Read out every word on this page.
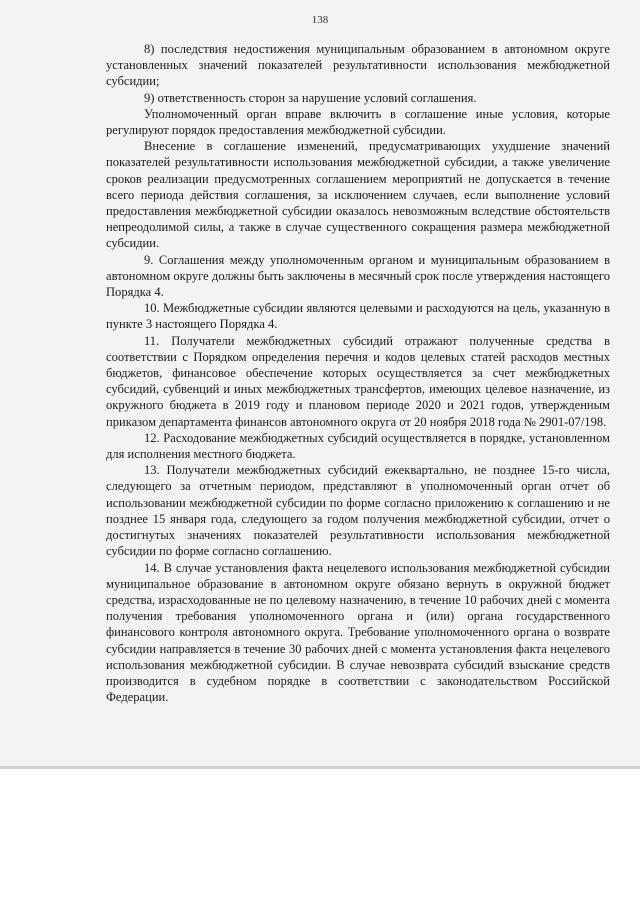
138

8) последствия недостижения муниципальным образованием в автономном округе установленных значений показателей результативности использования межбюджетной субсидии;

9) ответственность сторон за нарушение условий соглашения.

Уполномоченный орган вправе включить в соглашение иные условия, которые регулируют порядок предоставления межбюджетной субсидии.

Внесение в соглашение изменений, предусматривающих ухудшение значений показателей результативности использования межбюджетной субсидии, а также увеличение сроков реализации предусмотренных соглашением мероприятий не допускается в течение всего периода действия соглашения, за исключением случаев, если выполнение условий предоставления межбюджетной субсидии оказалось невозможным вследствие обстоятельств непреодолимой силы, а также в случае существенного сокращения размера межбюджетной субсидии.

9. Соглашения между уполномоченным органом и муниципальным образованием в автономном округе должны быть заключены в месячный срок после утверждения настоящего Порядка 4.

10. Межбюджетные субсидии являются целевыми и расходуются на цель, указанную в пункте 3 настоящего Порядка 4.

11. Получатели межбюджетных субсидий отражают полученные средства в соответствии с Порядком определения перечня и кодов целевых статей расходов местных бюджетов, финансовое обеспечение которых осуществляется за счет межбюджетных субсидий, субвенций и иных межбюджетных трансфертов, имеющих целевое назначение, из окружного бюджета в 2019 году и плановом периоде 2020 и 2021 годов, утвержденным приказом департамента финансов автономного округа от 20 ноября 2018 года № 2901-07/198.

12. Расходование межбюджетных субсидий осуществляется в порядке, установленном для исполнения местного бюджета.

13. Получатели межбюджетных субсидий ежеквартально, не позднее 15-го числа, следующего за отчетным периодом, представляют в уполномоченный орган отчет об использовании межбюджетной субсидии по форме согласно приложению к соглашению и не позднее 15 января года, следующего за годом получения межбюджетной субсидии, отчет о достигнутых значениях показателей результативности использования межбюджетной субсидии по форме согласно соглашению.

14. В случае установления факта нецелевого использования межбюджетной субсидии муниципальное образование в автономном округе обязано вернуть в окружной бюджет средства, израсходованные не по целевому назначению, в течение 10 рабочих дней с момента получения требования уполномоченного органа и (или) органа государственного финансового контроля автономного округа. Требование уполномоченного органа о возврате субсидии направляется в течение 30 рабочих дней с момента установления факта нецелевого использования межбюджетной субсидии. В случае невозврата субсидий взыскание средств производится в судебном порядке в соответствии с законодательством Российской Федерации.
